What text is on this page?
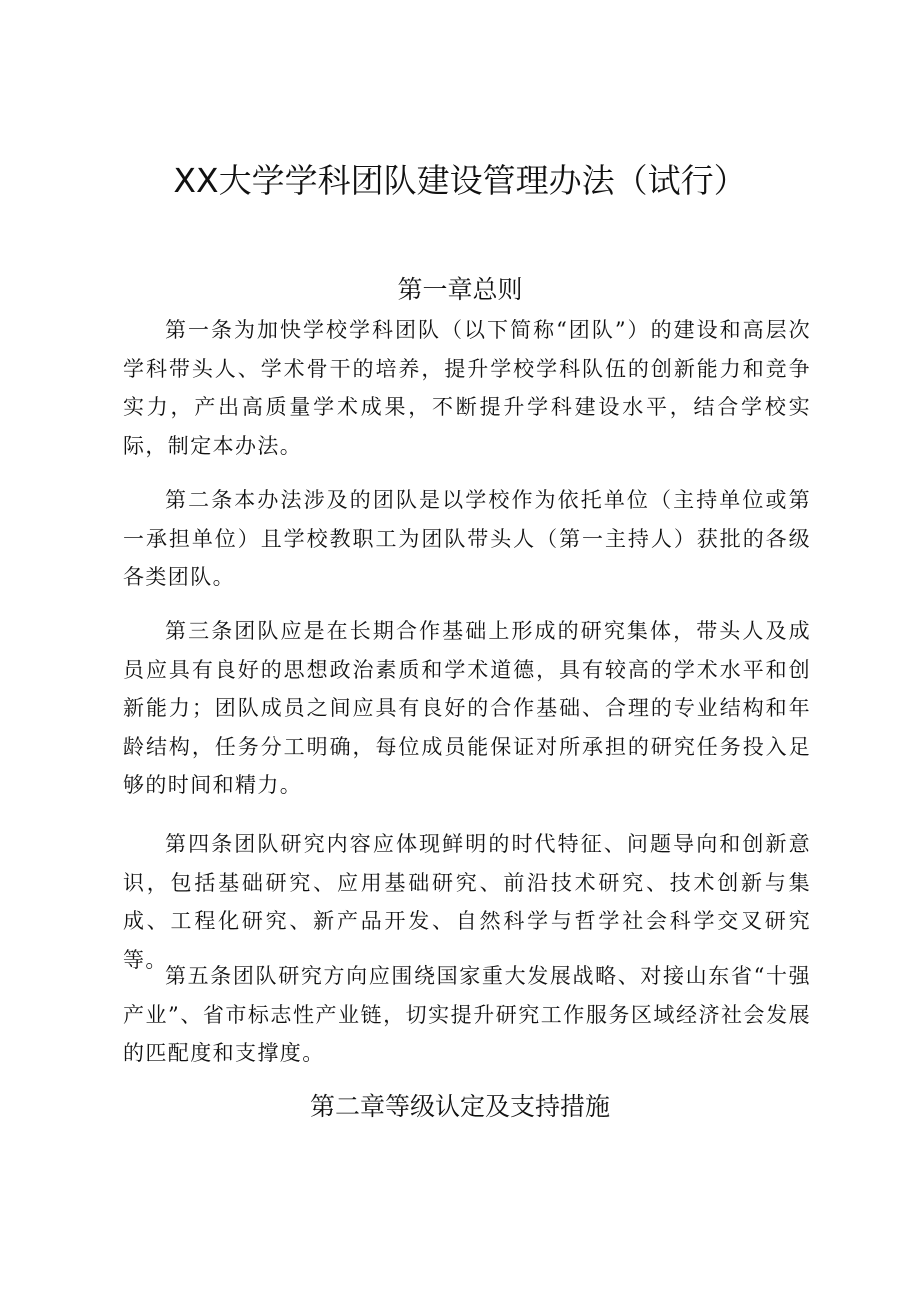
XX大学学科团队建设管理办法（试行）
第一章总则

第一条为加快学校学科团队（以下简称“团队”）的建设和高层次学科带头人、学术骨干的培养，提升学校学科队伍的创新能力和竞争实力，产出高质量学术成果，不断提升学科建设水平，结合学校实际，制定本办法。

第二条本办法涉及的团队是以学校作为依托单位（主持单位或第一承担单位）且学校教职工为团队带头人（第一主持人）获批的各级各类团队。

第三条团队应是在长期合作基础上形成的研究集体，带头人及成员应具有良好的思想政治素质和学术道德，具有较高的学术水平和创新能力；团队成员之间应具有良好的合作基础、合理的专业结构和年龄结构，任务分工明确，每位成员能保证对所承担的研究任务投入足够的时间和精力。

第四条团队研究内容应体现鲜明的时代特征、问题导向和创新意识，包括基础研究、应用基础研究、前沿技术研究、技术创新与集成、工程化研究、新产品开发、自然科学与哲学社会科学交叉研究等。

第五条团队研究方向应围绕国家重大发展战略、对接山东省“十强产业”、省市标志性产业链，切实提升研究工作服务区域经济社会发展的匹配度和支撑度。

第二章等级认定及支持措施
